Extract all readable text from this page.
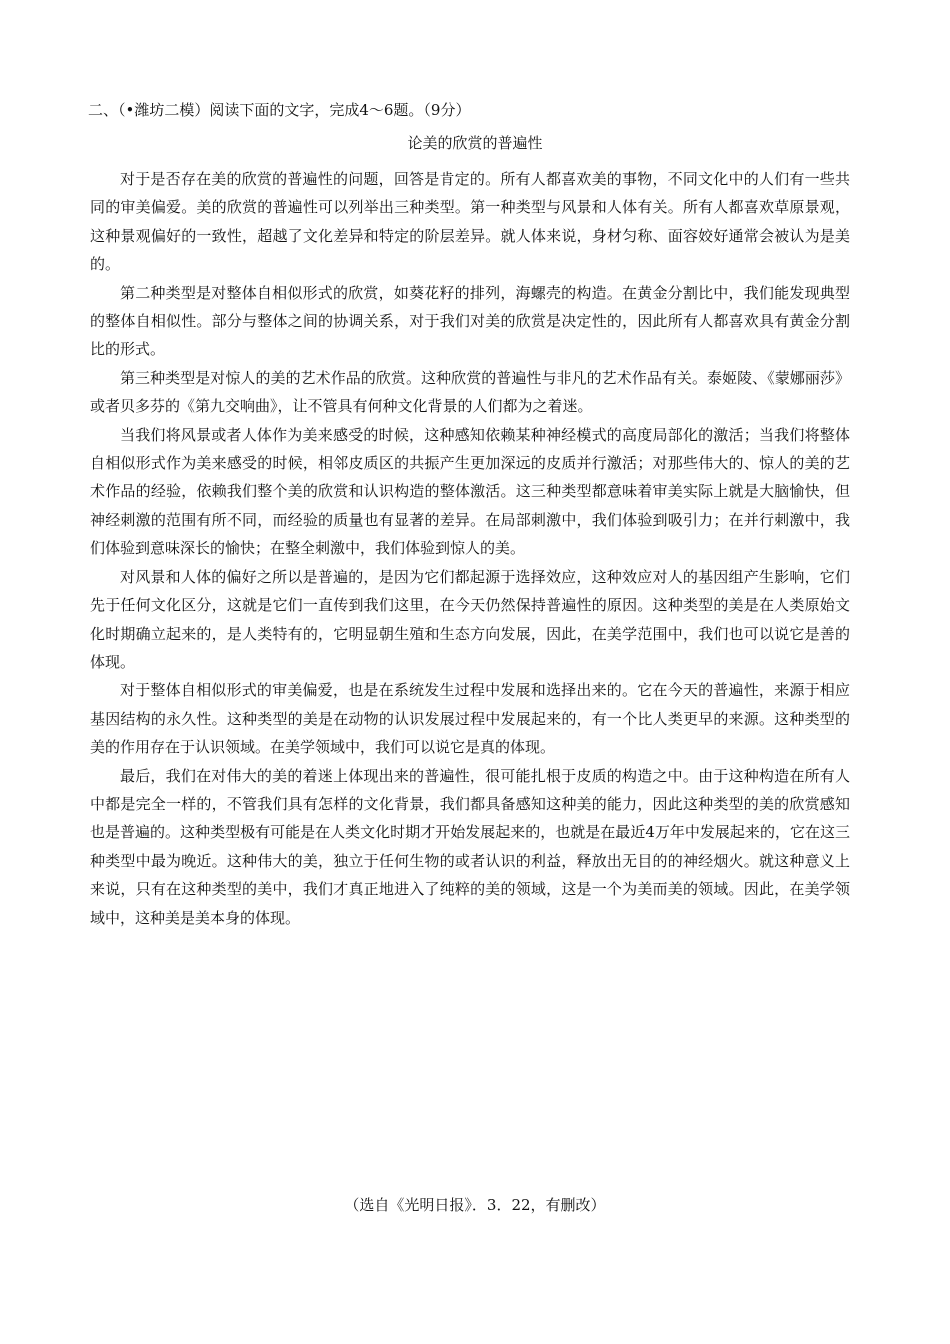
二、（•潍坊二模）阅读下面的文字，完成4～6题。（9分）
论美的欣赏的普遍性

对于是否存在美的欣赏的普遍性的问题，回答是肯定的。所有人都喜欢美的事物，不同文化中的人们有一些共同的审美偏爱。美的欣赏的普遍性可以列举出三种类型。第一种类型与风景和人体有关。所有人都喜欢草原景观，这种景观偏好的一致性，超越了文化差异和特定的阶层差异。就人体来说，身材匀称、面容姣好通常会被认为是美的。

第二种类型是对整体自相似形式的欣赏，如葵花籽的排列，海螺壳的构造。在黄金分割比中，我们能发现典型的整体自相似性。部分与整体之间的协调关系，对于我们对美的欣赏是决定性的，因此所有人都喜欢具有黄金分割比的形式。

第三种类型是对惊人的美的艺术作品的欣赏。这种欣赏的普遍性与非凡的艺术作品有关。泰姬陵、《蒙娜丽莎》或者贝多芬的《第九交响曲》，让不管具有何种文化背景的人们都为之着迷。

当我们将风景或者人体作为美来感受的时候，这种感知依赖某种神经模式的高度局部化的激活；当我们将整体自相似形式作为美来感受的时候，相邻皮质区的共振产生更加深远的皮质并行激活；对那些伟大的、惊人的美的艺术作品的经验，依赖我们整个美的欣赏和认识构造的整体激活。这三种类型都意味着审美实际上就是大脑愉快，但神经刺激的范围有所不同，而经验的质量也有显著的差异。在局部刺激中，我们体验到吸引力；在并行刺激中，我们体验到意味深长的愉快；在整全刺激中，我们体验到惊人的美。

对风景和人体的偏好之所以是普遍的，是因为它们都起源于选择效应，这种效应对人的基因组产生影响，它们先于任何文化区分，这就是它们一直传到我们这里，在今天仍然保持普遍性的原因。这种类型的美是在人类原始文化时期确立起来的，是人类特有的，它明显朝生殖和生态方向发展，因此，在美学范围中，我们也可以说它是善的体现。

对于整体自相似形式的审美偏爱，也是在系统发生过程中发展和选择出来的。它在今天的普遍性，来源于相应基因结构的永久性。这种类型的美是在动物的认识发展过程中发展起来的，有一个比人类更早的来源。这种类型的美的作用存在于认识领域。在美学领域中，我们可以说它是真的体现。

最后，我们在对伟大的美的着迷上体现出来的普遍性，很可能扎根于皮质的构造之中。由于这种构造在所有人中都是完全一样的，不管我们具有怎样的文化背景，我们都具备感知这种美的能力，因此这种类型的美的欣赏感知也是普遍的。这种类型极有可能是在人类文化时期才开始发展起来的，也就是在最近4万年中发展起来的，它在这三种类型中最为晚近。这种伟大的美，独立于任何生物的或者认识的利益，释放出无目的的神经烟火。就这种意义上来说，只有在这种类型的美中，我们才真正地进入了纯粹的美的领域，这是一个为美而美的领域。因此，在美学领域中，这种美是美本身的体现。

（选自《光明日报》．3．22，有删改）
